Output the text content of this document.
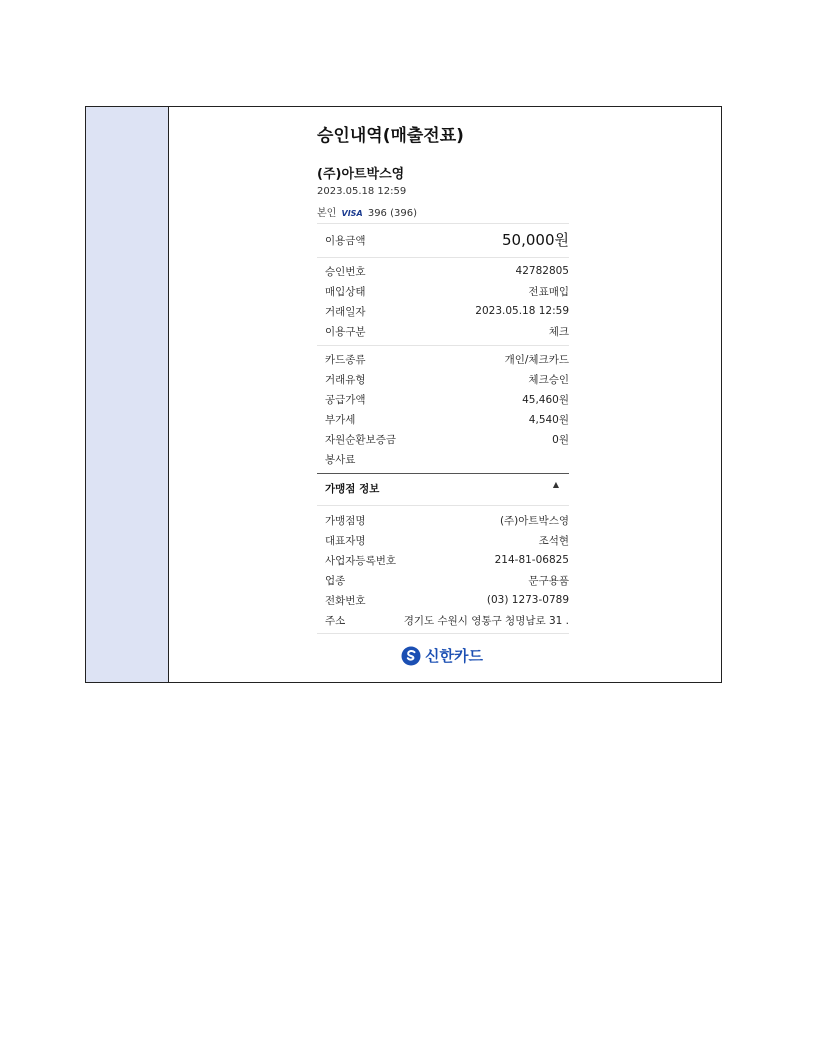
승인내역(매출전표)
(주)아트박스영
2023.05.18 12:59
본인 VISA 396 (396)
이용금액	50,000원
승인번호	42782805
매입상태	전표매입
거래일자	2023.05.18 12:59
이용구분	체크
카드종류	개인/체크카드
거래유형	체크승인
공급가액	45,460원
부가세	4,540원
자원순환보증금	0원
봉사료
가맹점 정보	▲
가맹점명	(주)아트박스영
대표자명	조석현
사업자등록번호	214-81-06825
업종	문구용품
전화번호	(03) 1273-0789
주소	경기도 수원시 영통구 청명남로 31 .
신한카드
